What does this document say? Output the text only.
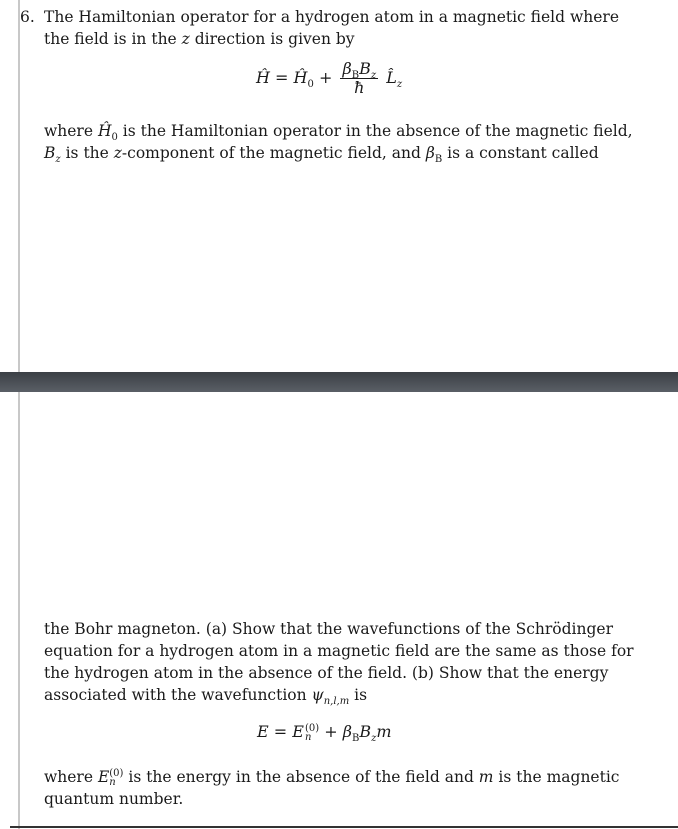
6. The Hamiltonian operator for a hydrogen atom in a magnetic field where
the field is in the z direction is given by
Ĥ = $Ĥ_0 + \frac{\beta_BB_z}{ħ}$ $L̂_z$
where $Ĥ_0$ is the Hamiltonian operator in the absence of the magnetic field,
$B_z$ is the z-component of the magnetic field, and $\beta_B$ is a constant called
the Bohr magneton. (a) Show that the wavefunctions of the Schrödinger
equation for a hydrogen atom in a magnetic field are the same as those for
the hydrogen atom in the absence of the field. (b) Show that the energy
associated with the wavefunction $\psi_{n,l,m}$ is
E = E (0)
$n + \beta_BB_zm$
where E (0)
n is the energy in the absence of the field and m is the magnetic
quantum number.
